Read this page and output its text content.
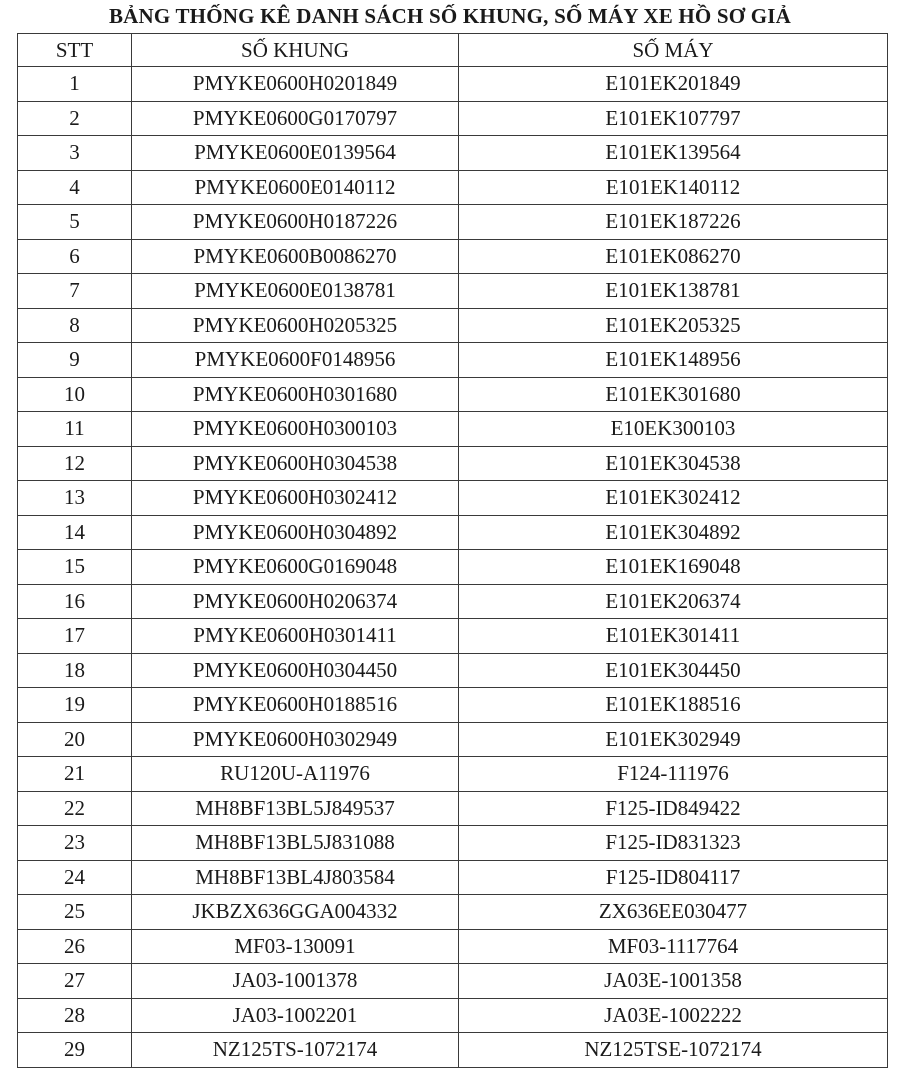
BẢNG THỐNG KÊ DANH SÁCH SỐ KHUNG, SỐ MÁY XE HỒ SƠ GIẢ
STT	SỐ KHUNG	SỐ MÁY
1	PMYKE0600H0201849	E101EK201849
2	PMYKE0600G0170797	E101EK107797
3	PMYKE0600E0139564	E101EK139564
4	PMYKE0600E0140112	E101EK140112
5	PMYKE0600H0187226	E101EK187226
6	PMYKE0600B0086270	E101EK086270
7	PMYKE0600E0138781	E101EK138781
8	PMYKE0600H0205325	E101EK205325
9	PMYKE0600F0148956	E101EK148956
10	PMYKE0600H0301680	E101EK301680
11	PMYKE0600H0300103	E10EK300103
12	PMYKE0600H0304538	E101EK304538
13	PMYKE0600H0302412	E101EK302412
14	PMYKE0600H0304892	E101EK304892
15	PMYKE0600G0169048	E101EK169048
16	PMYKE0600H0206374	E101EK206374
17	PMYKE0600H0301411	E101EK301411
18	PMYKE0600H0304450	E101EK304450
19	PMYKE0600H0188516	E101EK188516
20	PMYKE0600H0302949	E101EK302949
21	RU120U-A11976	F124-111976
22	MH8BF13BL5J849537	F125-ID849422
23	MH8BF13BL5J831088	F125-ID831323
24	MH8BF13BL4J803584	F125-ID804117
25	JKBZX636GGA004332	ZX636EE030477
26	MF03-130091	MF03-1117764
27	JA03-1001378	JA03E-1001358
28	JA03-1002201	JA03E-1002222
29	NZ125TS-1072174	NZ125TSE-1072174
